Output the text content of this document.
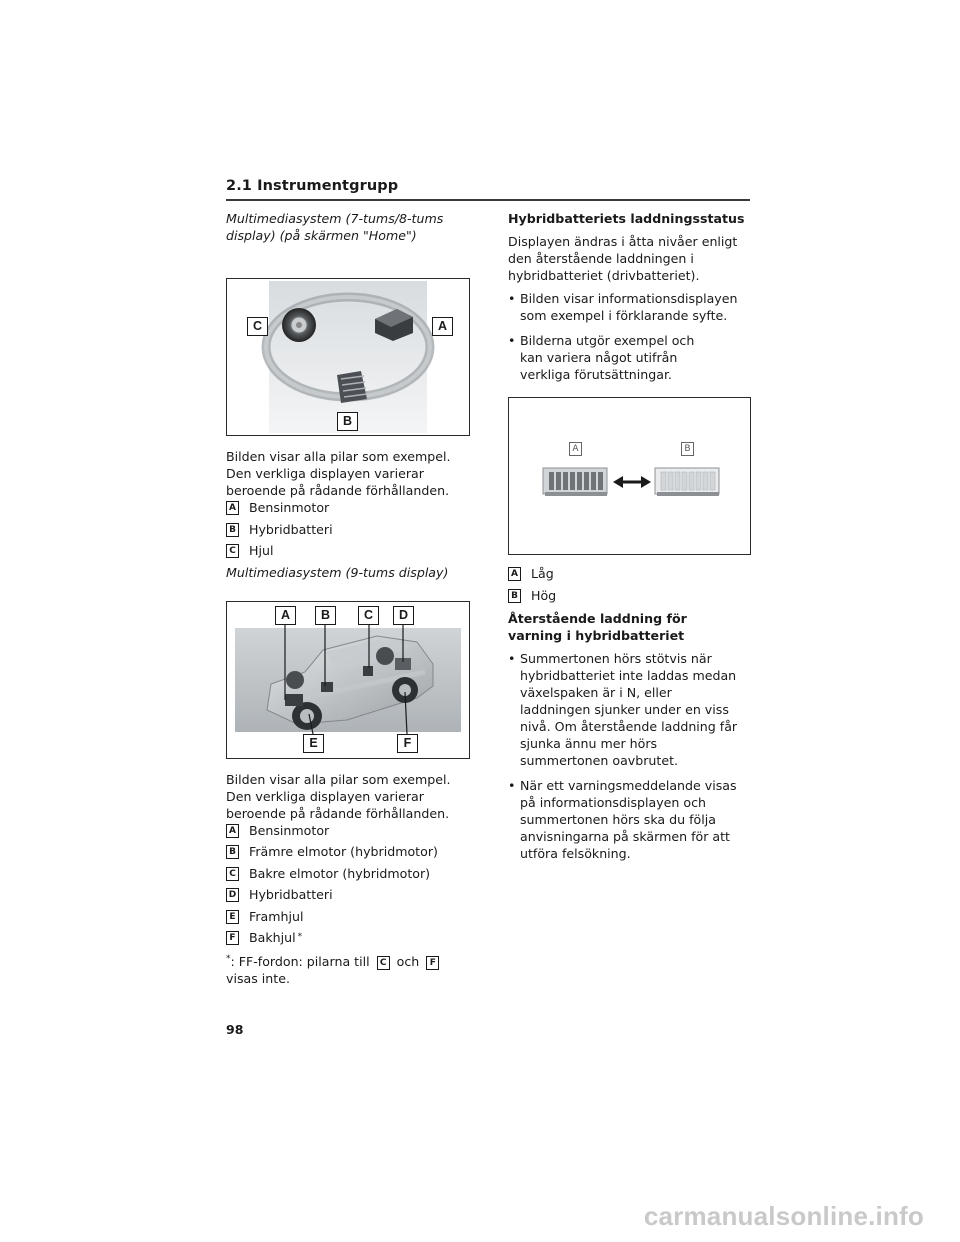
2.1 Instrumentgrupp

Multimediasystem (7-tums/8-tums display) (på skärmen "Home")

C	A
B

Bilden visar alla pilar som exempel. Den verkliga displayen varierar beroende på rådande förhållanden.

A Bensinmotor
B Hybridbatteri
C Hjul

Multimediasystem (9-tums display)

A	B	C	D
E	F

Bilden visar alla pilar som exempel. Den verkliga displayen varierar beroende på rådande förhållanden.

A Bensinmotor
B Främre elmotor (hybridmotor)
C Bakre elmotor (hybridmotor)
D Hybridbatteri
E Framhjul
F Bakhjul *

*: FF-fordon: pilarna till C och F visas inte.

Hybridbatteriets laddningsstatus

Displayen ändras i åtta nivåer enligt den återstående laddningen i hybridbatteriet (drivbatteriet).

• Bilden visar informationsdisplayen som exempel i förklarande syfte.
• Bilderna utgör exempel och kan variera något utifrån verkliga förutsättningar.
A	B
A Låg
B Hög

Återstående laddning för varning i hybridbatteriet

• Summertonen hörs stötvis när hybridbatteriet inte laddas medan växelspaken är i N, eller laddningen sjunker under en viss nivå. Om återstående laddning får sjunka ännu mer hörs summertonen oavbrutet.
• När ett varningsmeddelande visas på informationsdisplayen och summertonen hörs ska du följa anvisningarna på skärmen för att utföra felsökning.
98
carmanualsonline.info
